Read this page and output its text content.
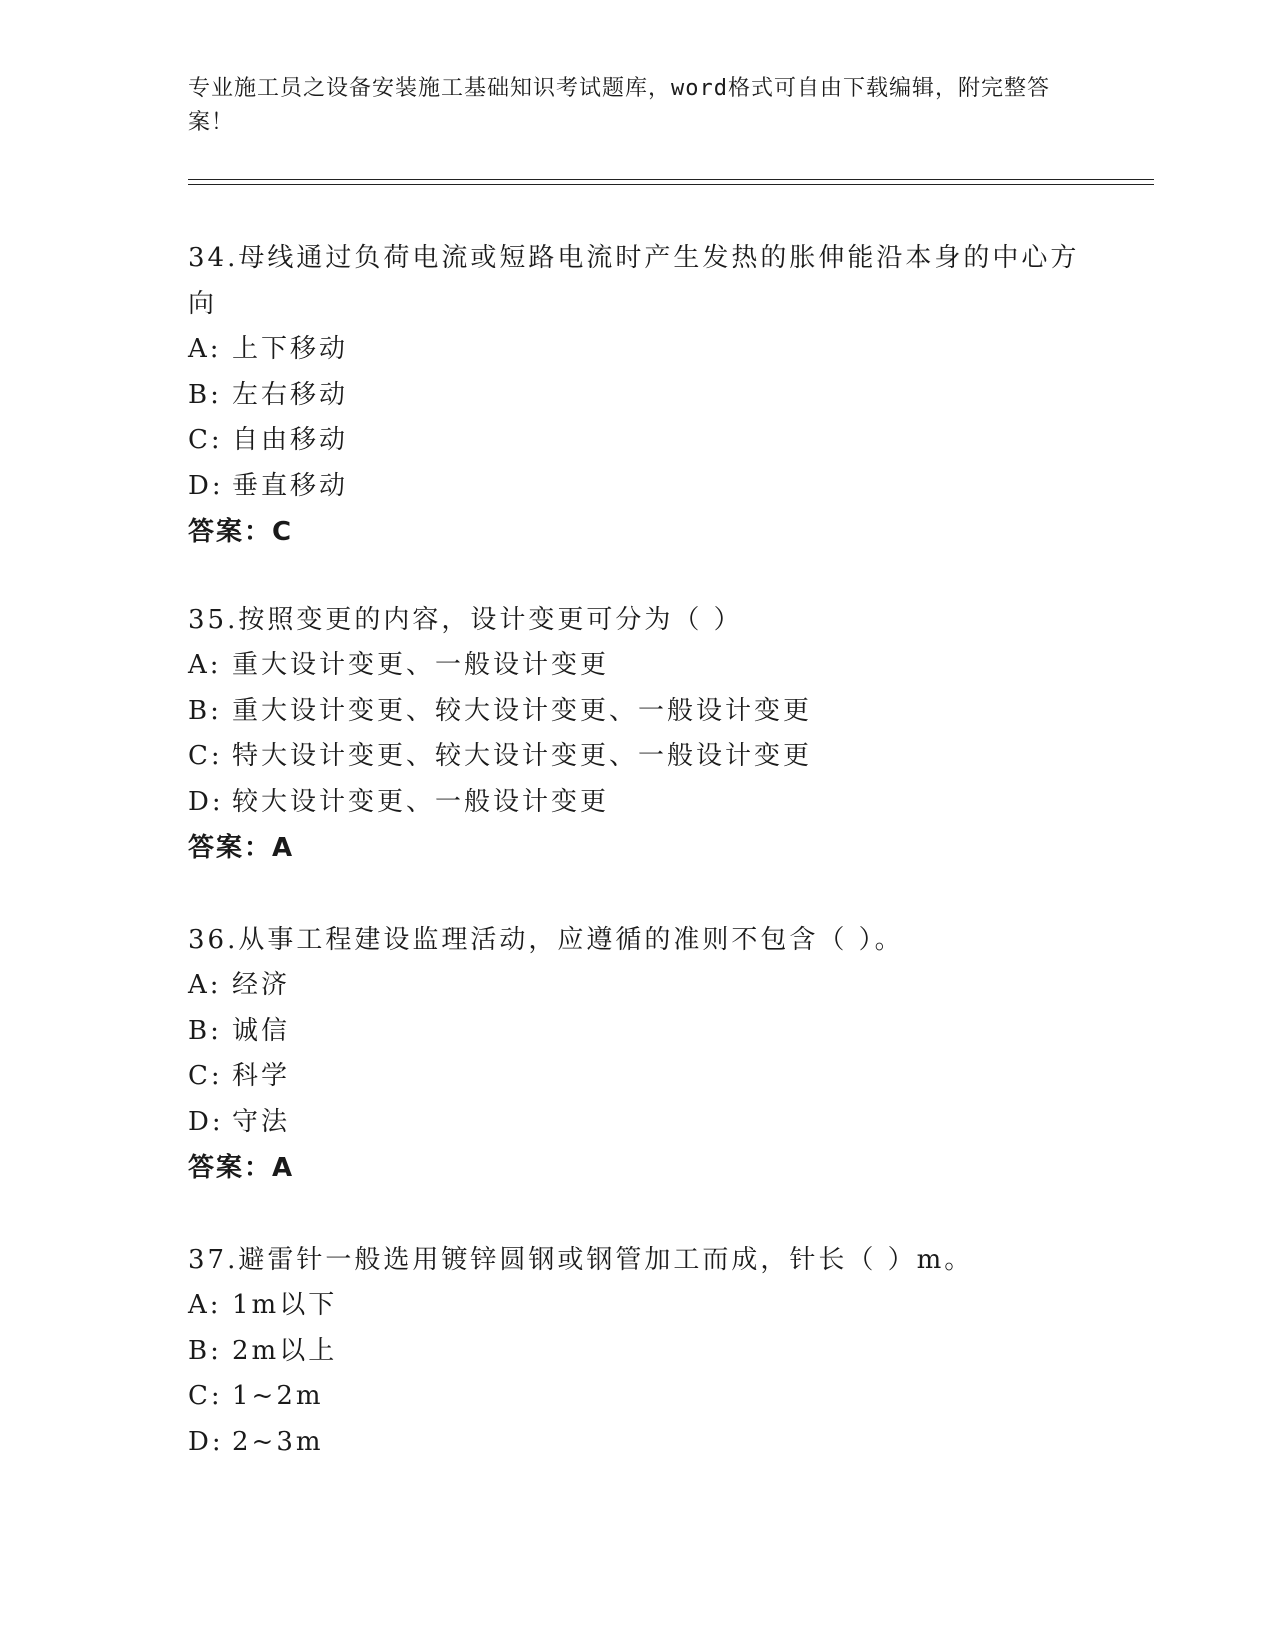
专业施工员之设备安装施工基础知识考试题库，word格式可自由下载编辑，附完整答案！

34.母线通过负荷电流或短路电流时产生发热的胀伸能沿本身的中心方向

A: 上下移动
B: 左右移动
C: 自由移动
D: 垂直移动
答案：C

35.按照变更的内容，设计变更可分为（ ）

A: 重大设计变更、一般设计变更
B: 重大设计变更、较大设计变更、一般设计变更
C: 特大设计变更、较大设计变更、一般设计变更
D: 较大设计变更、一般设计变更
答案：A

36.从事工程建设监理活动，应遵循的准则不包含（ ）。

A: 经济
B: 诚信
C: 科学
D: 守法
答案：A

37.避雷针一般选用镀锌圆钢或钢管加工而成，针长（ ）m。

A: 1m以下
B: 2m以上
C: 1~2m
D: 2~3m
